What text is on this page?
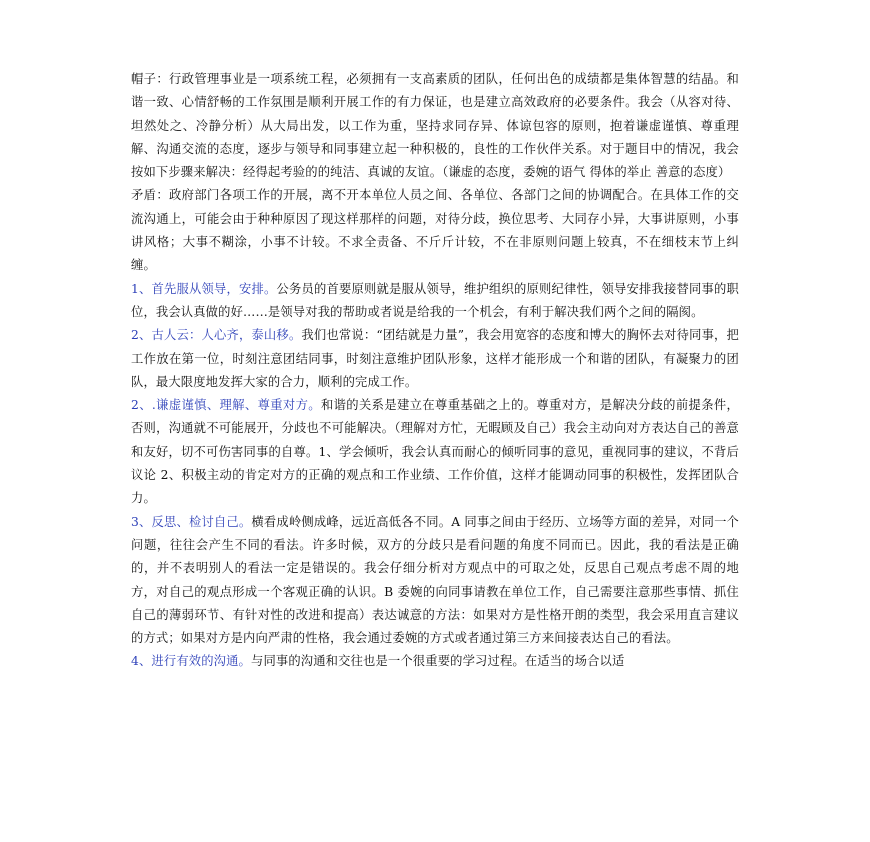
帽子：行政管理事业是一项系统工程，必须拥有一支高素质的团队，任何出色的成绩都是集体智慧的结晶。和谐一致、心情舒畅的工作氛围是顺利开展工作的有力保证，也是建立高效政府的必要条件。我会（从容对待、坦然处之、冷静分析）从大局出发，以工作为重，坚持求同存异、体谅包容的原则，抱着谦虚谨慎、尊重理解、沟通交流的态度，逐步与领导和同事建立起一种积极的，良性的工作伙伴关系。对于题目中的情况，我会按如下步骤来解决：经得起考验的的纯洁、真诚的友谊。（谦虚的态度，委婉的语气 得体的举止 善意的态度）

矛盾：政府部门各项工作的开展，离不开本单位人员之间、各单位、各部门之间的协调配合。在具体工作的交流沟通上，可能会由于种种原因了现这样那样的问题，对待分歧，换位思考、大同存小异，大事讲原则，小事讲风格；大事不糊涂，小事不计较。不求全责备、不斤斤计较，不在非原则问题上较真，不在细枝末节上纠缠。

1、首先服从领导，安排。公务员的首要原则就是服从领导，维护组织的原则纪律性，领导安排我接替同事的职位，我会认真做的好……是领导对我的帮助或者说是给我的一个机会，有利于解决我们两个之间的隔阂。

2、古人云：人心齐，泰山移。我们也常说：“团结就是力量”，我会用宽容的态度和博大的胸怀去对待同事，把工作放在第一位，时刻注意团结同事，时刻注意维护团队形象，这样才能形成一个和谐的团队，有凝聚力的团队，最大限度地发挥大家的合力，顺利的完成工作。

2、.谦虚谨慎、理解、尊重对方。和谐的关系是建立在尊重基础之上的。尊重对方，是解决分歧的前提条件，否则，沟通就不可能展开，分歧也不可能解决。（理解对方忙，无暇顾及自己）我会主动向对方表达自己的善意和友好，切不可伤害同事的自尊。1、学会倾听，我会认真而耐心的倾听同事的意见，重视同事的建议，不背后议论 2、积极主动的肯定对方的正确的观点和工作业绩、工作价值，这样才能调动同事的积极性，发挥团队合力。

3、反思、检讨自己。横看成岭侧成峰，远近高低各不同。A 同事之间由于经历、立场等方面的差异，对同一个问题，往往会产生不同的看法。许多时候，双方的分歧只是看问题的角度不同而已。因此，我的看法是正确的，并不表明别人的看法一定是错误的。我会仔细分析对方观点中的可取之处，反思自己观点考虑不周的地方，对自己的观点形成一个客观正确的认识。B 委婉的向同事请教在单位工作，自己需要注意那些事情、抓住自己的薄弱环节、有针对性的改进和提高）表达诚意的方法：如果对方是性格开朗的类型，我会采用直言建议的方式；如果对方是内向严肃的性格，我会通过委婉的方式或者通过第三方来间接表达自己的看法。

4、进行有效的沟通。与同事的沟通和交往也是一个很重要的学习过程。在适当的场合以适
